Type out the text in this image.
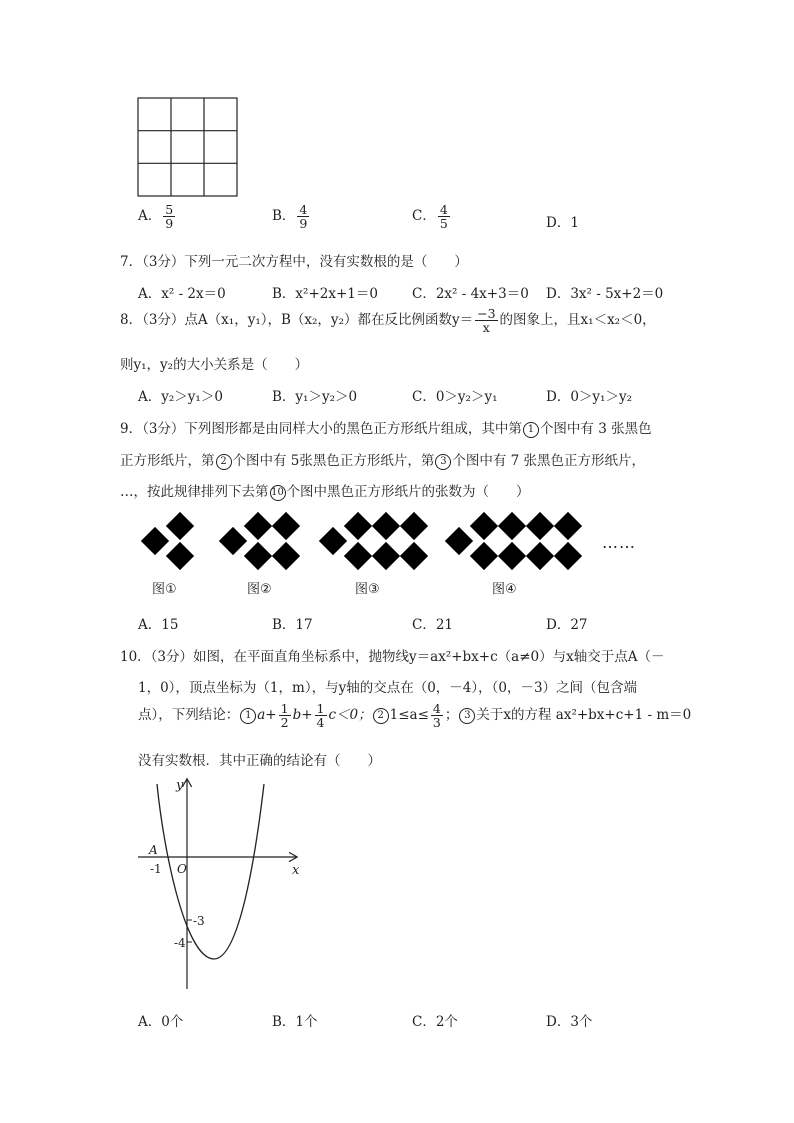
A． $\frac{5}{9}$	B． $\frac{4}{9}$	C． $\frac{4}{5}$	D．1
7．（3分）下列一元二次方程中，没有实数根的是（　　）
A．x² - 2x＝0	B．x²+2x+1＝0	C．2x² - 4x+3＝0 D．3x² - 5x+2＝0
8．（3分）点A（x₁，y₁），B（x₂，y₂）都在反比例函数$y= \frac{-3}{x}$ 的图象上，且x₁＜x₂＜0，
则y₁，y₂的大小关系是（　　）
A．y₂＞y₁＞0	B．y₁＞y₂＞0	C．0＞y₂＞y₁	D．0＞y₁＞y₂
9．（3分）下列图形都是由同样大小的黑色正方形纸片组成，其中第 1 个图中有 3 张黑色
正方形纸片，第 2 个图中有 5张黑色正方形纸片，第 3 个图中有 7 张黑色正方形纸片，
…，按此规律排列下去第 10 个图中黑色正方形纸片的张数为（　　）
……
图①	图②	图③	图④
A．15	B．17	C．21	D．27
10．（3分）如图，在平面直角坐标系中，抛物线y＝ax²+bx+c（a≠0）与x轴交于点A（－
1，0），顶点坐标为（1，m），与y轴的交点在（0，－4），（0，－3）之间（包含端
点），下列结论： 1 $a+ \frac{1}{2} b+ \frac{1}{4} c<0$； 2 $1\le a\le \frac{4}{3}$ ； 3 关于x的方程 ax²+bx+c+1 - m＝0
没有实数根．其中正确的结论有（　　）
y
x
A
O
-1
-3
-4
A．0个	B．1个	C．2个	D．3个
